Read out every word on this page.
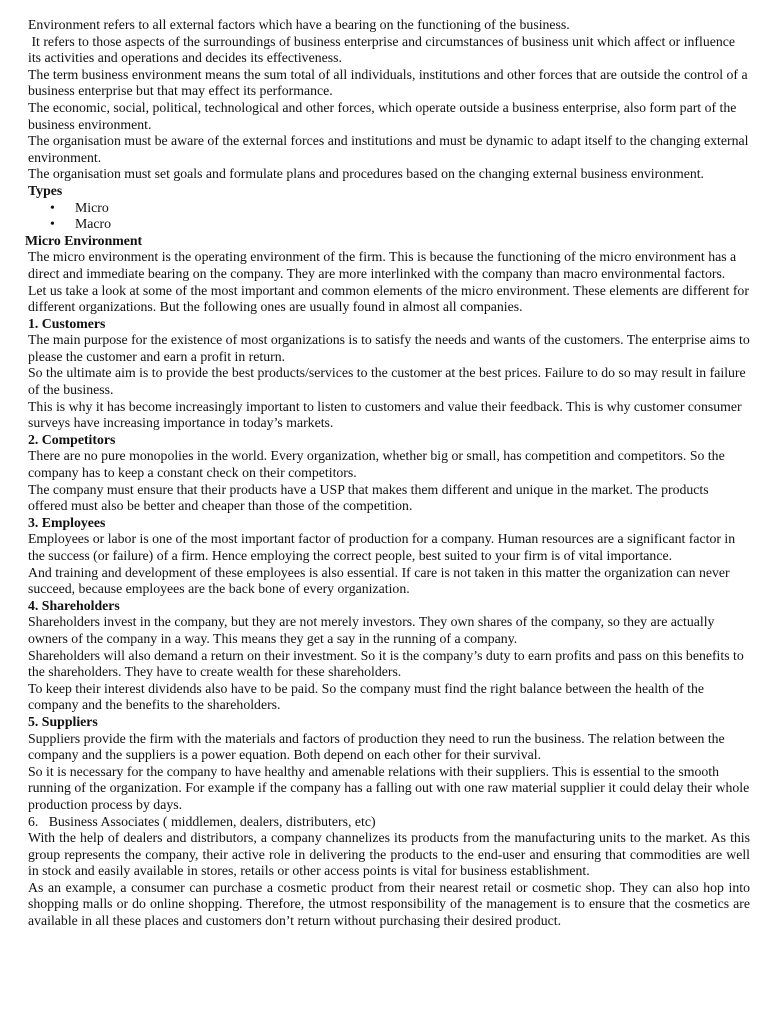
Environment refers to all external factors which have a bearing on the functioning of the business.
It refers to those aspects of the surroundings of business enterprise and circumstances of business unit which affect or influence its activities and operations and decides its effectiveness.
The term business environment means the sum total of all individuals, institutions and other forces that are outside the control of a business enterprise but that may effect its performance.
The economic, social, political, technological and other forces, which operate outside a business enterprise, also form part of the business environment.
The organisation must be aware of the external forces and institutions and must be dynamic to adapt itself to the changing external environment.
The organisation must set goals and formulate plans and procedures based on the changing external business environment.
Types
• Micro
• Macro
Micro Environment
The micro environment is the operating environment of the firm. This is because the functioning of the micro environment has a direct and immediate bearing on the company. They are more interlinked with the company than macro environmental factors.
Let us take a look at some of the most important and common elements of the micro environment. These elements are different for different organizations. But the following ones are usually found in almost all companies.
1. Customers
The main purpose for the existence of most organizations is to satisfy the needs and wants of the customers. The enterprise aims to please the customer and earn a profit in return.
So the ultimate aim is to provide the best products/services to the customer at the best prices. Failure to do so may result in failure of the business.
This is why it has become increasingly important to listen to customers and value their feedback. This is why customer consumer surveys have increasing importance in today’s markets.
2. Competitors
There are no pure monopolies in the world. Every organization, whether big or small, has competition and competitors. So the company has to keep a constant check on their competitors.
The company must ensure that their products have a USP that makes them different and unique in the market. The products offered must also be better and cheaper than those of the competition.
3. Employees
Employees or labor is one of the most important factor of production for a company. Human resources are a significant factor in the success (or failure) of a firm. Hence employing the correct people, best suited to your firm is of vital importance.
And training and development of these employees is also essential. If care is not taken in this matter the organization can never succeed, because employees are the back bone of every organization.
4. Shareholders
Shareholders invest in the company, but they are not merely investors. They own shares of the company, so they are actually owners of the company in a way. This means they get a say in the running of a company.
Shareholders will also demand a return on their investment. So it is the company’s duty to earn profits and pass on this benefits to the shareholders. They have to create wealth for these shareholders.
To keep their interest dividends also have to be paid. So the company must find the right balance between the health of the company and the benefits to the shareholders.
5. Suppliers
Suppliers provide the firm with the materials and factors of production they need to run the business. The relation between the company and the suppliers is a power equation. Both depend on each other for their survival.
So it is necessary for the company to have healthy and amenable relations with their suppliers. This is essential to the smooth running of the organization. For example if the company has a falling out with one raw material supplier it could delay their whole production process by days.
6.   Business Associates ( middlemen, dealers, distributers, etc)
With the help of dealers and distributors, a company channelizes its products from the manufacturing units to the market. As this group represents the company, their active role in delivering the products to the end-user and ensuring that commodities are well in stock and easily available in stores, retails or other access points is vital for business establishment.
As an example, a consumer can purchase a cosmetic product from their nearest retail or cosmetic shop. They can also hop into shopping malls or do online shopping. Therefore, the utmost responsibility of the management is to ensure that the cosmetics are available in all these places and customers don’t return without purchasing their desired product.
